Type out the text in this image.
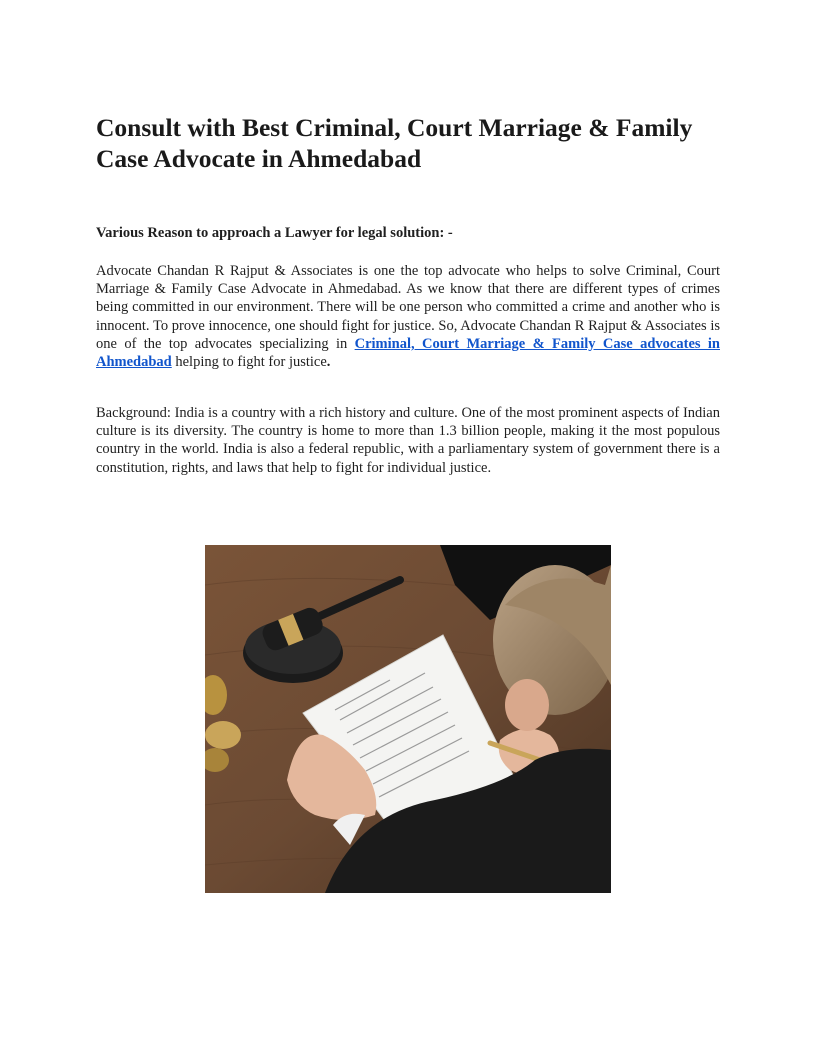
Consult with Best Criminal, Court Marriage & Family Case Advocate in Ahmedabad
Various Reason to approach a Lawyer for legal solution: -

Advocate Chandan R Rajput & Associates is one the top advocate who helps to solve Criminal, Court Marriage & Family Case Advocate in Ahmedabad. As we know that there are different types of crimes being committed in our environment. There will be one person who committed a crime and another who is innocent. To prove innocence, one should fight for justice. So, Advocate Chandan R Rajput & Associates is one of the top advocates specializing in Criminal, Court Marriage & Family Case advocates in Ahmedabad helping to fight for justice.

Background: India is a country with a rich history and culture. One of the most prominent aspects of Indian culture is its diversity. The country is home to more than 1.3 billion people, making it the most populous country in the world. India is also a federal republic, with a parliamentary system of government there is a constitution, rights, and laws that help to fight for individual justice.
